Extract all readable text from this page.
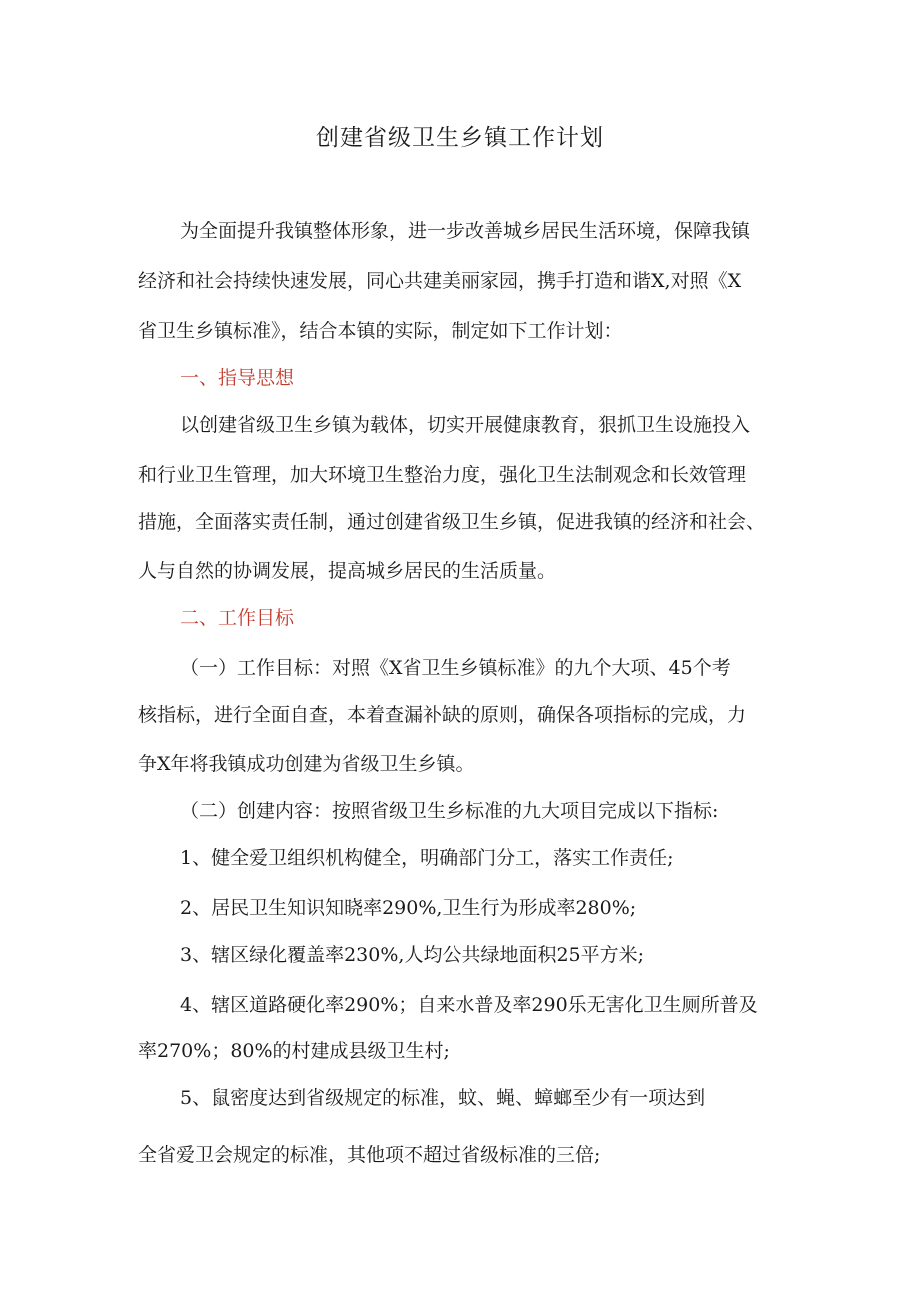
创建省级卫生乡镇工作计划

为全面提升我镇整体形象，进一步改善城乡居民生活环境，保障我镇

经济和社会持续快速发展，同心共建美丽家园，携手打造和谐X,对照《X

省卫生乡镇标准》，结合本镇的实际，制定如下工作计划：

一、指导思想

以创建省级卫生乡镇为载体，切实开展健康教育，狠抓卫生设施投入

和行业卫生管理，加大环境卫生整治力度，强化卫生法制观念和长效管理

措施，全面落实责任制，通过创建省级卫生乡镇，促进我镇的经济和社会、

人与自然的协调发展，提高城乡居民的生活质量。

二、工作目标

（一）工作目标：对照《X省卫生乡镇标准》的九个大项、45个考

核指标，进行全面自查，本着查漏补缺的原则，确保各项指标的完成，力

争X年将我镇成功创建为省级卫生乡镇。

（二）创建内容：按照省级卫生乡标准的九大项目完成以下指标:

1、健全爱卫组织机构健全，明确部门分工，落实工作责任;

2、居民卫生知识知晓率290%,卫生行为形成率280%;

3、辖区绿化覆盖率230%,人均公共绿地面积25平方米;

4、辖区道路硬化率290%；自来水普及率290乐无害化卫生厕所普及

率270%；80%的村建成县级卫生村;

5、鼠密度达到省级规定的标准，蚊、蝇、蟑螂至少有一项达到

全省爱卫会规定的标准，其他项不超过省级标准的三倍;
